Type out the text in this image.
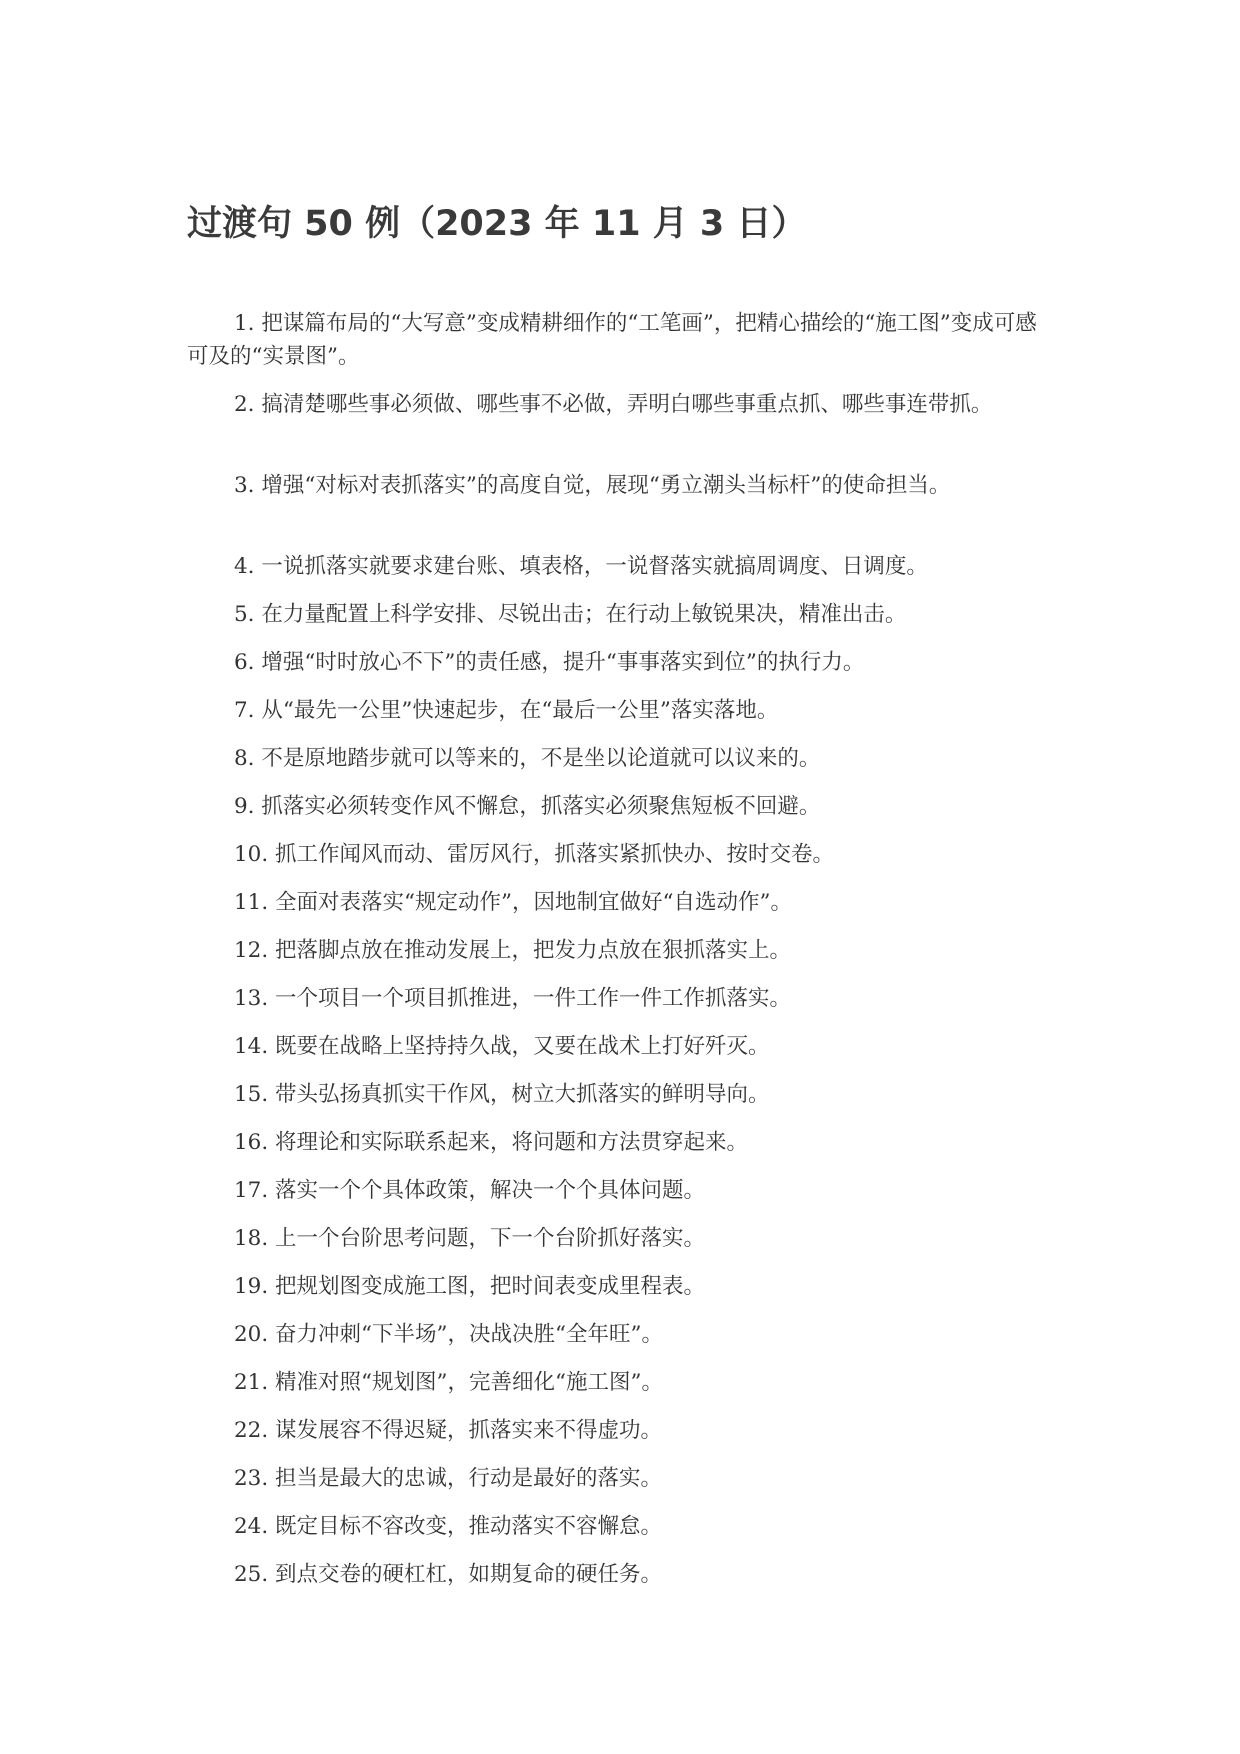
过渡句 50 例（2023 年 11 月 3 日）
1. 把谋篇布局的“大写意”变成精耕细作的“工笔画”，把精心描绘的“施工图”变成可感可及的“实景图”。
2. 搞清楚哪些事必须做、哪些事不必做，弄明白哪些事重点抓、哪些事连带抓。
3. 增强“对标对表抓落实”的高度自觉，展现“勇立潮头当标杆”的使命担当。
4. 一说抓落实就要求建台账、填表格，一说督落实就搞周调度、日调度。
5. 在力量配置上科学安排、尽锐出击；在行动上敏锐果决，精准出击。
6. 增强“时时放心不下”的责任感，提升“事事落实到位”的执行力。
7. 从“最先一公里”快速起步，在“最后一公里”落实落地。
8. 不是原地踏步就可以等来的，不是坐以论道就可以议来的。
9. 抓落实必须转变作风不懈怠，抓落实必须聚焦短板不回避。
10. 抓工作闻风而动、雷厉风行，抓落实紧抓快办、按时交卷。
11. 全面对表落实“规定动作”，因地制宜做好“自选动作”。
12. 把落脚点放在推动发展上，把发力点放在狠抓落实上。
13. 一个项目一个项目抓推进，一件工作一件工作抓落实。
14. 既要在战略上坚持持久战，又要在战术上打好歼灭。
15. 带头弘扬真抓实干作风，树立大抓落实的鲜明导向。
16. 将理论和实际联系起来，将问题和方法贯穿起来。
17. 落实一个个具体政策，解决一个个具体问题。
18. 上一个台阶思考问题，下一个台阶抓好落实。
19. 把规划图变成施工图，把时间表变成里程表。
20. 奋力冲刺“下半场”，决战决胜“全年旺”。
21. 精准对照“规划图”，完善细化“施工图”。
22. 谋发展容不得迟疑，抓落实来不得虚功。
23. 担当是最大的忠诚，行动是最好的落实。
24. 既定目标不容改变，推动落实不容懈怠。
25. 到点交卷的硬杠杠，如期复命的硬任务。
